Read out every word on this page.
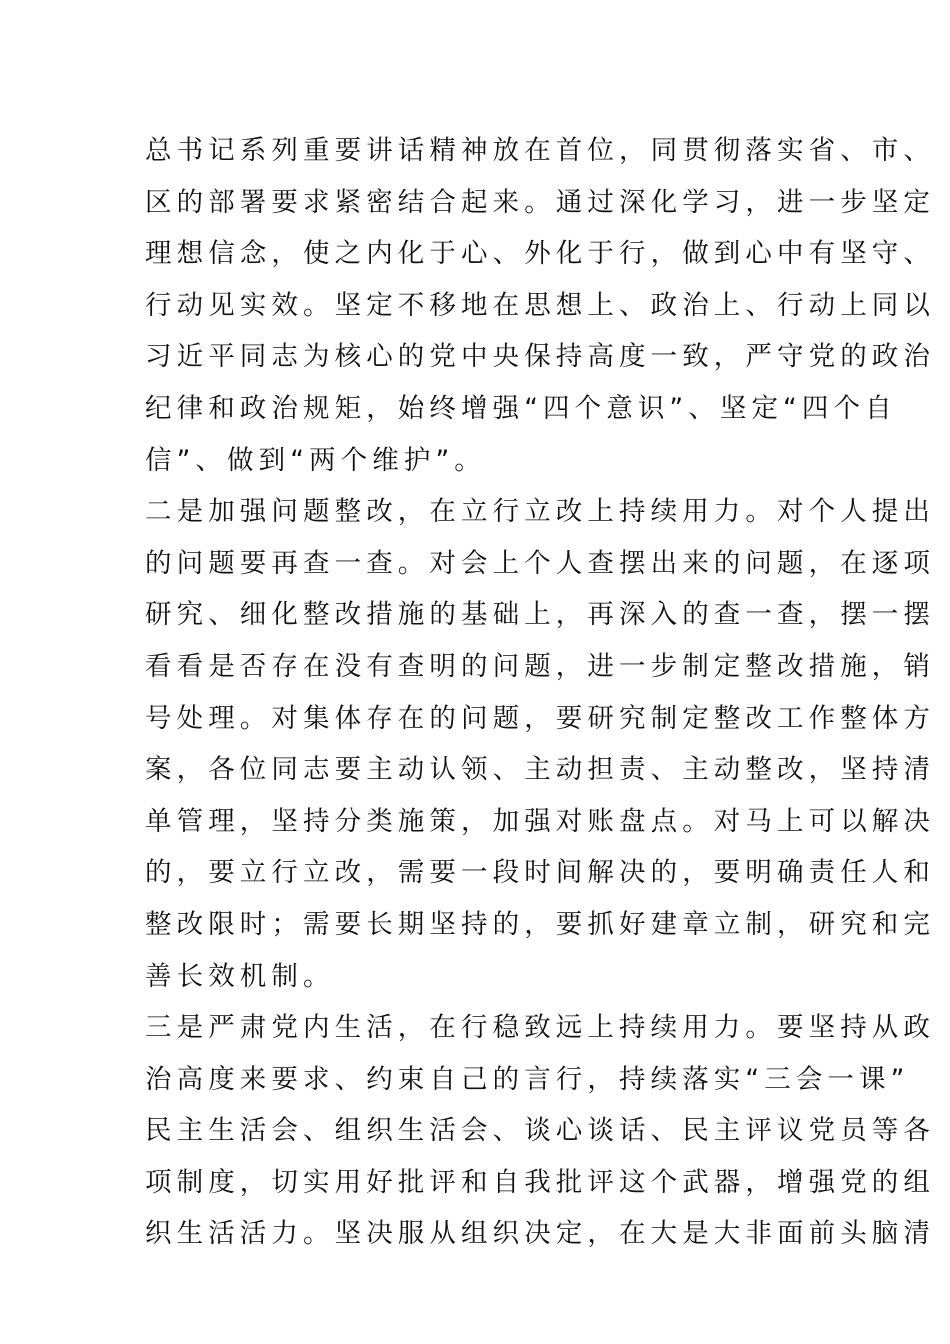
总书记系列重要讲话精神放在首位，同贯彻落实省、市、
区的部署要求紧密结合起来。通过深化学习，进一步坚定
理想信念，使之内化于心、外化于行，做到心中有坚守、
行动见实效。坚定不移地在思想上、政治上、行动上同以
习近平同志为核心的党中央保持高度一致，严守党的政治
纪律和政治规矩，始终增强“四个意识”、坚定“四个自
信”、做到“两个维护”。
二是加强问题整改，在立行立改上持续用力。对个人提出
的问题要再查一查。对会上个人查摆出来的问题，在逐项
研究、细化整改措施的基础上，再深入的查一查，摆一摆
看看是否存在没有查明的问题，进一步制定整改措施，销
号处理。对集体存在的问题，要研究制定整改工作整体方
案，各位同志要主动认领、主动担责、主动整改，坚持清
单管理，坚持分类施策，加强对账盘点。对马上可以解决
的，要立行立改，需要一段时间解决的，要明确责任人和
整改限时；需要长期坚持的，要抓好建章立制，研究和完
善长效机制。
三是严肃党内生活，在行稳致远上持续用力。要坚持从政
治高度来要求、约束自己的言行，持续落实“三会一课”
民主生活会、组织生活会、谈心谈话、民主评议党员等各
项制度，切实用好批评和自我批评这个武器，增强党的组
织生活活力。坚决服从组织决定，在大是大非面前头脑清
